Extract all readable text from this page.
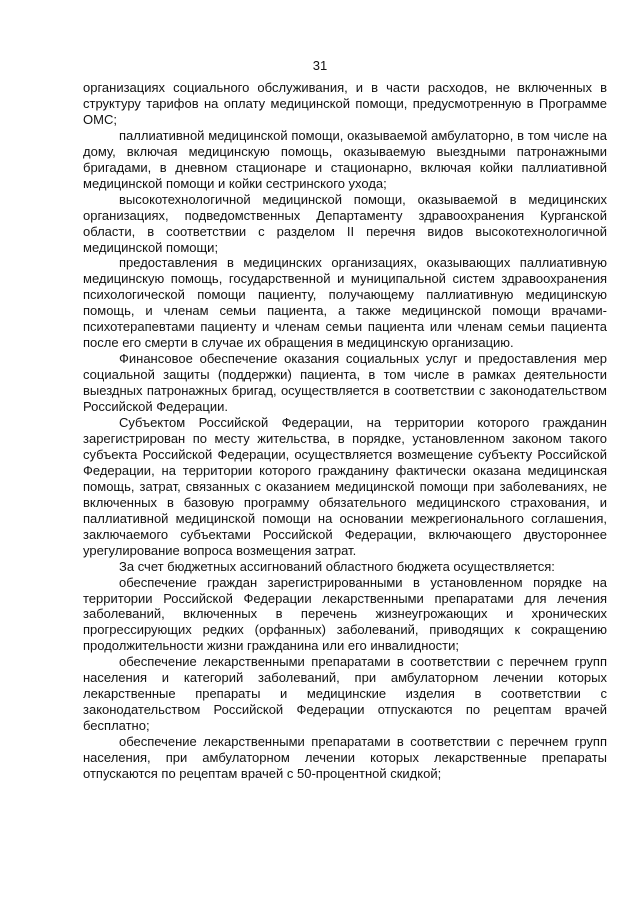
31

организациях социального обслуживания, и в части расходов, не включенных в структуру тарифов на оплату медицинской помощи, предусмотренную в Программе ОМС;

паллиативной медицинской помощи, оказываемой амбулаторно, в том числе на дому, включая медицинскую помощь, оказываемую выездными патронажными бригадами, в дневном стационаре и стационарно, включая койки паллиативной медицинской помощи и койки сестринского ухода;

высокотехнологичной медицинской помощи, оказываемой в медицинских организациях, подведомственных Департаменту здравоохранения Курганской области, в соответствии с разделом II перечня видов высокотехнологичной медицинской помощи;

предоставления в медицинских организациях, оказывающих паллиативную медицинскую помощь, государственной и муниципальной систем здравоохранения психологической помощи пациенту, получающему паллиативную медицинскую помощь, и членам семьи пациента, а также медицинской помощи врачами-психотерапевтами пациенту и членам семьи пациента или членам семьи пациента после его смерти в случае их обращения в медицинскую организацию.

Финансовое обеспечение оказания социальных услуг и предоставления мер социальной защиты (поддержки) пациента, в том числе в рамках деятельности выездных патронажных бригад, осуществляется в соответствии с законодательством Российской Федерации.

Субъектом Российской Федерации, на территории которого гражданин зарегистрирован по месту жительства, в порядке, установленном законом такого субъекта Российской Федерации, осуществляется возмещение субъекту Российской Федерации, на территории которого гражданину фактически оказана медицинская помощь, затрат, связанных с оказанием медицинской помощи при заболеваниях, не включенных в базовую программу обязательного медицинского страхования, и паллиативной медицинской помощи на основании межрегионального соглашения, заключаемого субъектами Российской Федерации, включающего двустороннее урегулирование вопроса возмещения затрат.

За счет бюджетных ассигнований областного бюджета осуществляется:

обеспечение граждан зарегистрированными в установленном порядке на территории Российской Федерации лекарственными препаратами для лечения заболеваний, включенных в перечень жизнеугрожающих и хронических прогрессирующих редких (орфанных) заболеваний, приводящих к сокращению продолжительности жизни гражданина или его инвалидности;

обеспечение лекарственными препаратами в соответствии с перечнем групп населения и категорий заболеваний, при амбулаторном лечении которых лекарственные препараты и медицинские изделия в соответствии с законодательством Российской Федерации отпускаются по рецептам врачей бесплатно;

обеспечение лекарственными препаратами в соответствии с перечнем групп населения, при амбулаторном лечении которых лекарственные препараты отпускаются по рецептам врачей с 50-процентной скидкой;
